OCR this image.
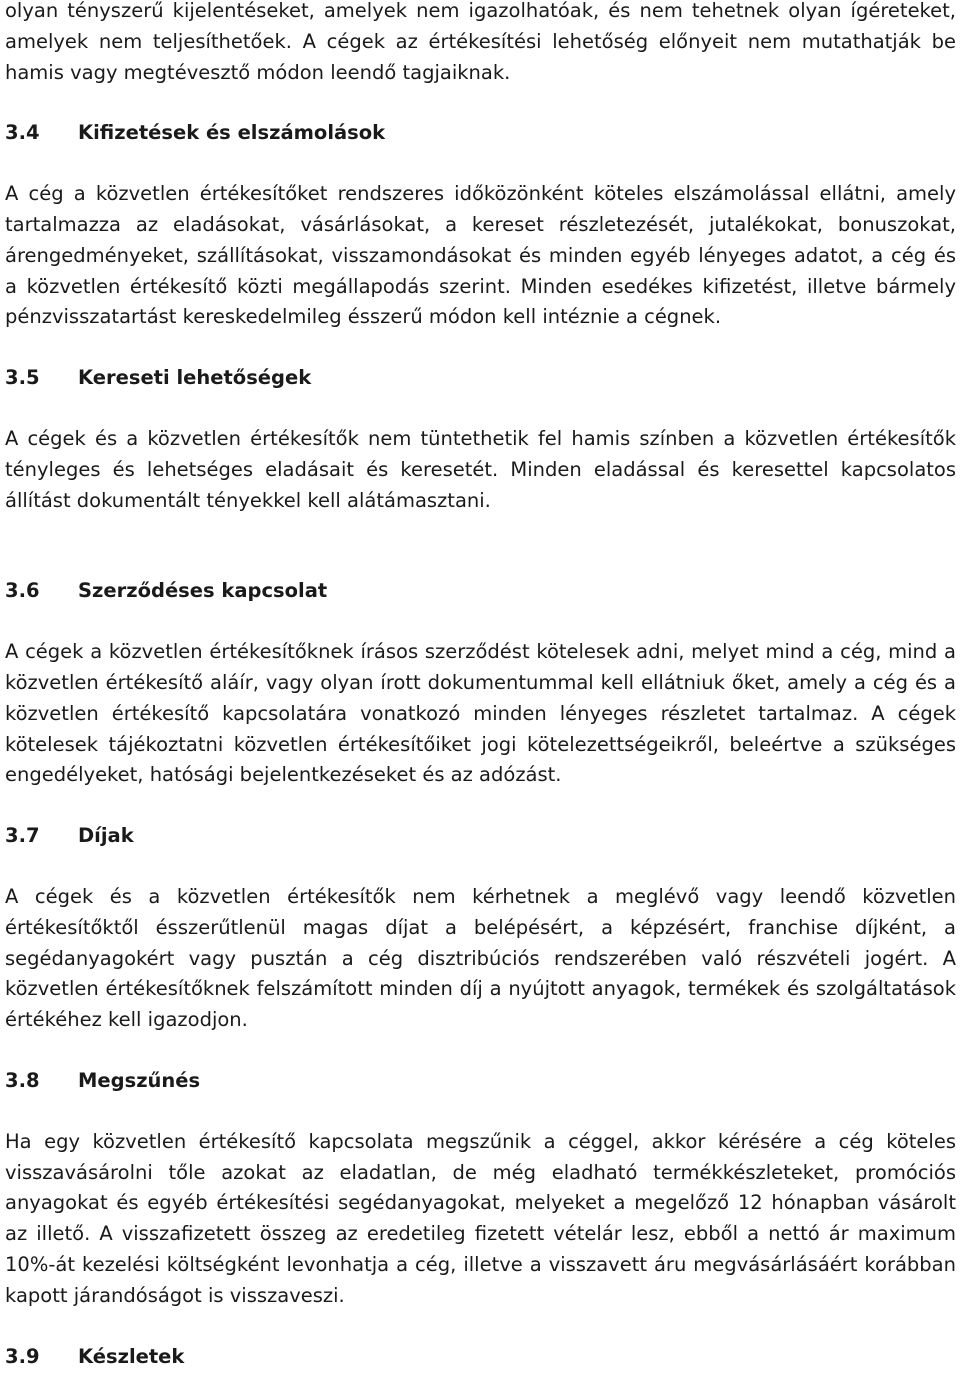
olyan tényszerű kijelentéseket, amelyek nem igazolhatóak, és nem tehetnek olyan ígéreteket, amelyek nem teljesíthetőek. A cégek az értékesítési lehetőség előnyeit nem mutathatják be hamis vagy megtévesztő módon leendő tagjaiknak.

3.4	Kifizetések és elszámolások

A cég a közvetlen értékesítőket rendszeres időközönként köteles elszámolással ellátni, amely tartalmazza az eladásokat, vásárlásokat, a kereset részletezését, jutalékokat, bonuszokat, árengedményeket, szállításokat, visszamondásokat és minden egyéb lényeges adatot, a cég és a közvetlen értékesítő közti megállapodás szerint. Minden esedékes kifizetést, illetve bármely pénzvisszatartást kereskedelmileg ésszerű módon kell intéznie a cégnek.

3.5	Kereseti lehetőségek

A cégek és a közvetlen értékesítők nem tüntethetik fel hamis színben a közvetlen értékesítők tényleges és lehetséges eladásait és keresetét. Minden eladással és keresettel kapcsolatos állítást dokumentált tényekkel kell alátámasztani.

3.6	Szerződéses kapcsolat

A cégek a közvetlen értékesítőknek írásos szerződést kötelesek adni, melyet mind a cég, mind a közvetlen értékesítő aláír, vagy olyan írott dokumentummal kell ellátniuk őket, amely a cég és a közvetlen értékesítő kapcsolatára vonatkozó minden lényeges részletet tartalmaz. A cégek kötelesek tájékoztatni közvetlen értékesítőiket jogi kötelezettségeikről, beleértve a szükséges engedélyeket, hatósági bejelentkezéseket és az adózást.

3.7	Díjak

A cégek és a közvetlen értékesítők nem kérhetnek a meglévő vagy leendő közvetlen értékesítőktől ésszerűtlenül magas díjat a belépésért, a képzésért, franchise díjként, a segédanyagokért vagy pusztán a cég disztribúciós rendszerében való részvételi jogért. A közvetlen értékesítőknek felszámított minden díj a nyújtott anyagok, termékek és szolgáltatások értékéhez kell igazodjon.

3.8	Megszűnés

Ha egy közvetlen értékesítő kapcsolata megszűnik a céggel, akkor kérésére a cég köteles visszavásárolni tőle azokat az eladatlan, de még eladható termékkészleteket, promóciós anyagokat és egyéb értékesítési segédanyagokat, melyeket a megelőző 12 hónapban vásárolt az illető. A visszafizetett összeg az eredetileg fizetett vételár lesz, ebből a nettó ár maximum 10%-át kezelési költségként levonhatja a cég, illetve a visszavett áru megvásárlásáért korábban kapott járandóságot is visszaveszi.

3.9	Készletek
